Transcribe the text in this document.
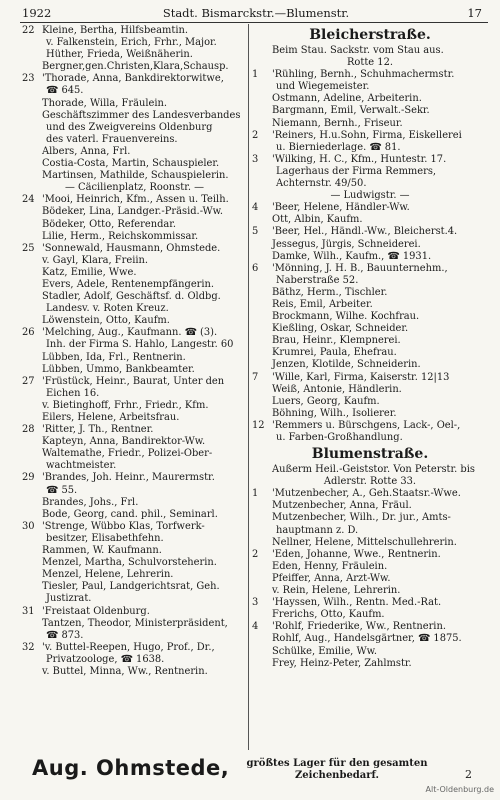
1922	Stadt. Bismarckstr.—Blumenstr.	17
22 Kleine, Bertha, Hilfsbeamtin.
v. Falkenstein, Erich, Frhr., Major.
Hüther, Frieda, Weißnäherin.
Bergner,gen.Christen,Klara,Schausp.
23 'Thorade, Anna, Bankdirektorwitwe,
☎ 645.
Thorade, Willa, Fräulein.
Geschäftszimmer des Landesverbandes
und des Zweigvereins Oldenburg
des vaterl. Frauenvereins.
Albers, Anna, Frl.
Costia-Costa, Martin, Schauspieler.
Martinsen, Mathilde, Schauspielerin.
— Cäcilienplatz, Roonstr. —
24 'Mooi, Heinrich, Kfm., Assen u. Teilh.
Bödeker, Lina, Landger.-Präsid.-Ww.
Bödeker, Otto, Referendar.
Lilie, Herm., Reichskommissar.
25 'Sonnewald, Hausmann, Ohmstede.
v. Gayl, Klara, Freiin.
Katz, Emilie, Wwe.
Evers, Adele, Rentenempfängerin.
Stadler, Adolf, Geschäftsf. d. Oldbg.
Landesv. v. Roten Kreuz.
Löwenstein, Otto, Kaufm.
26 'Melching, Aug., Kaufmann. ☎ (3).
Inh. der Firma S. Hahlo, Langestr. 60
Lübben, Ida, Frl., Rentnerin.
Lübben, Ummo, Bankbeamter.
27 'Früstück, Heinr., Baurat, Unter den
Eichen 16.
v. Bietinghoff, Frhr., Friedr., Kfm.
Eilers, Helene, Arbeitsfrau.
28 'Ritter, J. Th., Rentner.
Kapteyn, Anna, Bandirektor-Ww.
Waltemathe, Friedr., Polizei-Ober-
wachtmeister.
29 'Brandes, Joh. Heinr., Maurermstr.
☎ 55.
Brandes, Johs., Frl.
Bode, Georg, cand. phil., Seminarl.
30 'Strenge, Wübbo Klas, Torfwerk-
besitzer, Elisabethfehn.
Rammen, W. Kaufmann.
Menzel, Martha, Schulvorsteherin.
Menzel, Helene, Lehrerin.
Tiesler, Paul, Landgerichtsrat, Geh.
Justizrat.
31 'Freistaat Oldenburg.
Tantzen, Theodor, Ministerpräsident,
☎ 873.
32 'v. Buttel-Reepen, Hugo, Prof., Dr.,
Privatzoologe, ☎ 1638.
v. Buttel, Minna, Ww., Rentnerin.
Bleicherstraße.
Beim Stau. Sackstr. vom Stau aus.
Rotte 12.
1 'Rühling, Bernh., Schuhmachermstr.
und Wiegemeister.
Östmann, Adeline, Arbeiterin.
Bargmann, Emil, Verwalt.-Sekr.
Niemann, Bernh., Friseur.
2 'Reiners, H.u.Sohn, Firma, Eiskellerei
u. Bierniederlage. ☎ 81.
3 'Wilking, H. C., Kfm., Huntestr. 17.
Lagerhaus der Firma Remmers,
Achternstr. 49/50.
— Ludwigstr. —
4 'Beer, Helene, Händler-Ww.
Ott, Albin, Kaufm.
5 'Beer, Hel., Händl.-Ww., Bleicherst.4.
Jessegus, Jürgis, Schneiderei.
Damke, Wilh., Kaufm., ☎ 1931.
6 'Mönning, J. H. B., Bauunternehm.,
Naberstraße 52.
Bäthz, Herm., Tischler.
Reis, Emil, Arbeiter.
Brockmann, Wilhe. Kochfrau.
Kießling, Oskar, Schneider.
Brau, Heinr., Klempnerei.
Krumrei, Paula, Ehefrau.
Jenzen, Klotilde, Schneiderin.
7 'Wille, Karl, Firma, Kaiserstr. 12|13
Weiß, Antonie, Händlerin.
Luers, Georg, Kaufm.
Böhning, Wilh., Isolierer.
12 'Remmers u. Bürschgens, Lack-, Oel-,
u. Farben-Großhandlung.
Blumenstraße.
Außerm Heil.-Geiststor. Von Peterstr. bis
Adlerstr. Rotte 33.
1 'Mutzenbecher, A., Geh.Staatsr.-Wwe.
Mutzenbecher, Anna, Fräul.
Mutzenbecher, Wilh., Dr. jur., Amts-
hauptmann z. D.
Nellner, Helene, Mittelschullehrerin.
2 'Eden, Johanne, Wwe., Rentnerin.
Eden, Henny, Fräulein.
Pfeiffer, Anna, Arzt-Ww.
v. Rein, Helene, Lehrerin.
3 'Hayssen, Wilh., Rentn. Med.-Rat.
Frerichs, Otto, Kaufm.
4 'Rohlf, Friederike, Ww., Rentnerin.
Rohlf, Aug., Handelsgärtner, ☎ 1875.
Schülke, Emilie, Ww.
Frey, Heinz-Peter, Zahlmstr.
Aug. Ohmstede,	größtes Lager für den gesamten
Zeichenbedarf.	2
Alt-Oldenburg.de
